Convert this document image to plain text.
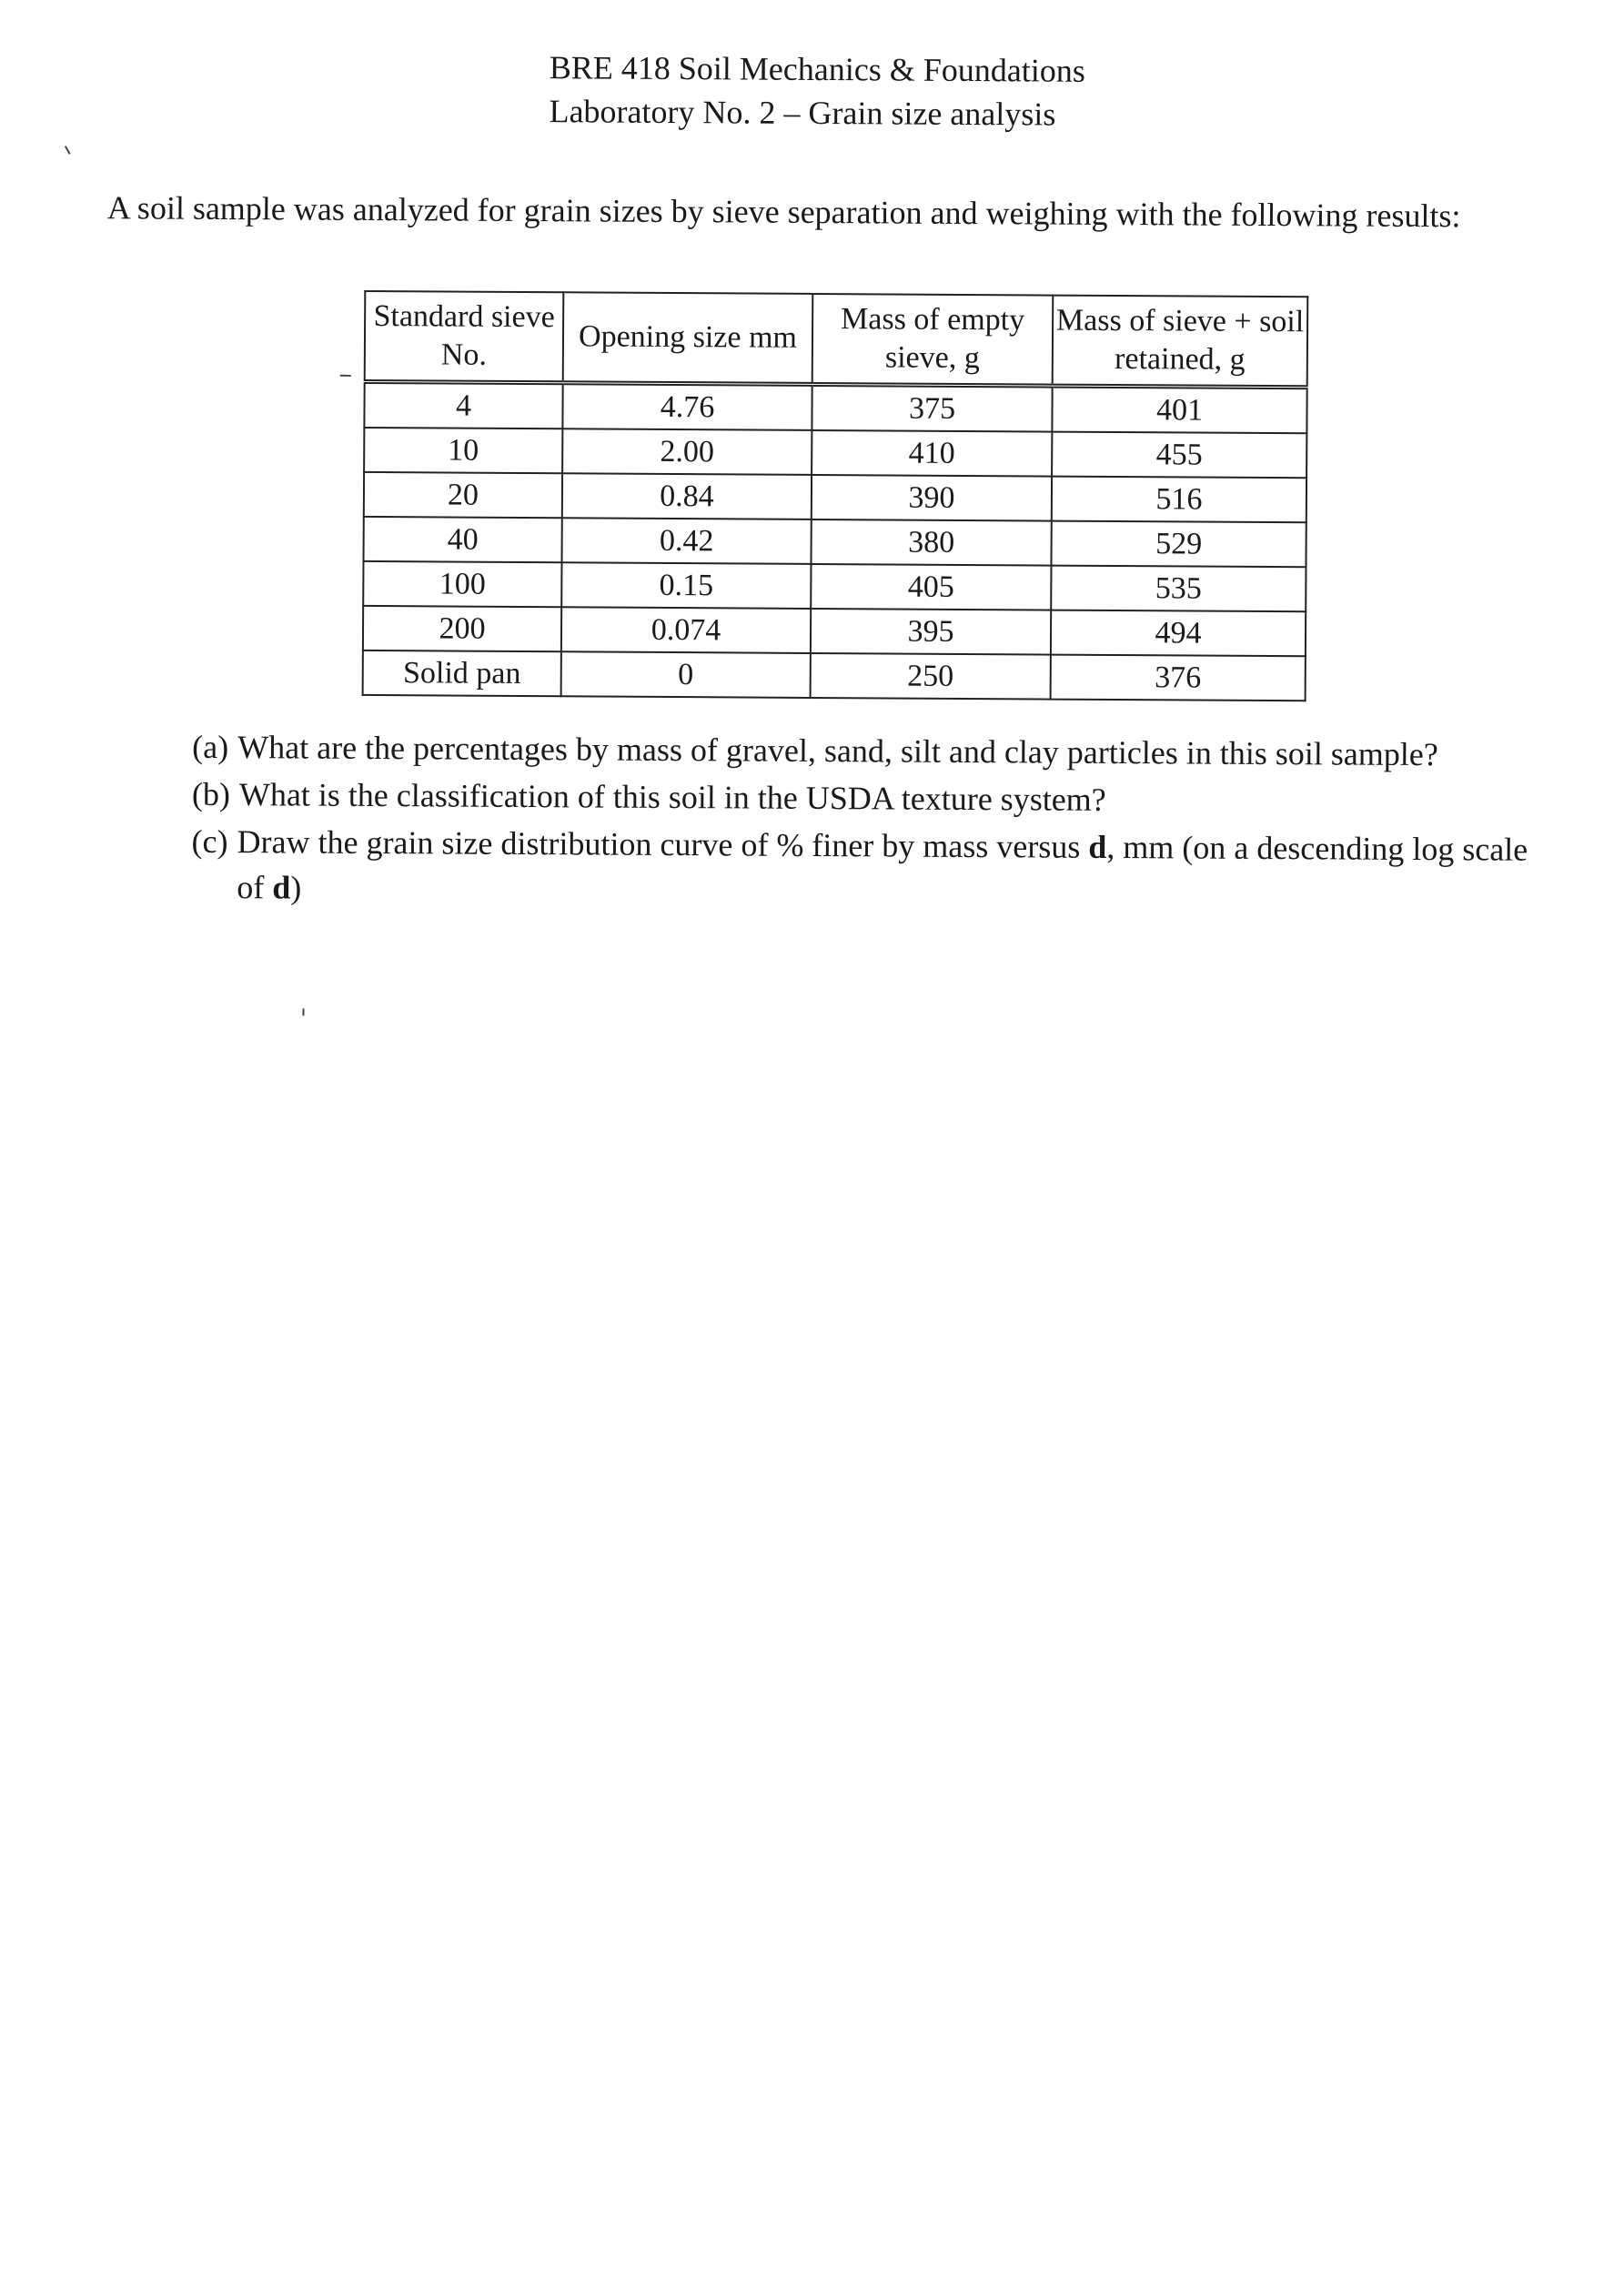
BRE 418 Soil Mechanics & Foundations
Laboratory No. 2 – Grain size analysis
A soil sample was analyzed for grain sizes by sieve separation and weighing with the following results:
Standard sieve No.	Opening size mm	Mass of empty sieve, g	Mass of sieve + soil retained, g
4	4.76	375	401
10	2.00	410	455
20	0.84	390	516
40	0.42	380	529
100	0.15	405	535
200	0.074	395	494
Solid pan	0	250	376
(a) What are the percentages by mass of gravel, sand, silt and clay particles in this soil sample?
(b) What is the classification of this soil in the USDA texture system?
(c) Draw the grain size distribution curve of % finer by mass versus d, mm (on a descending log scale of d)
